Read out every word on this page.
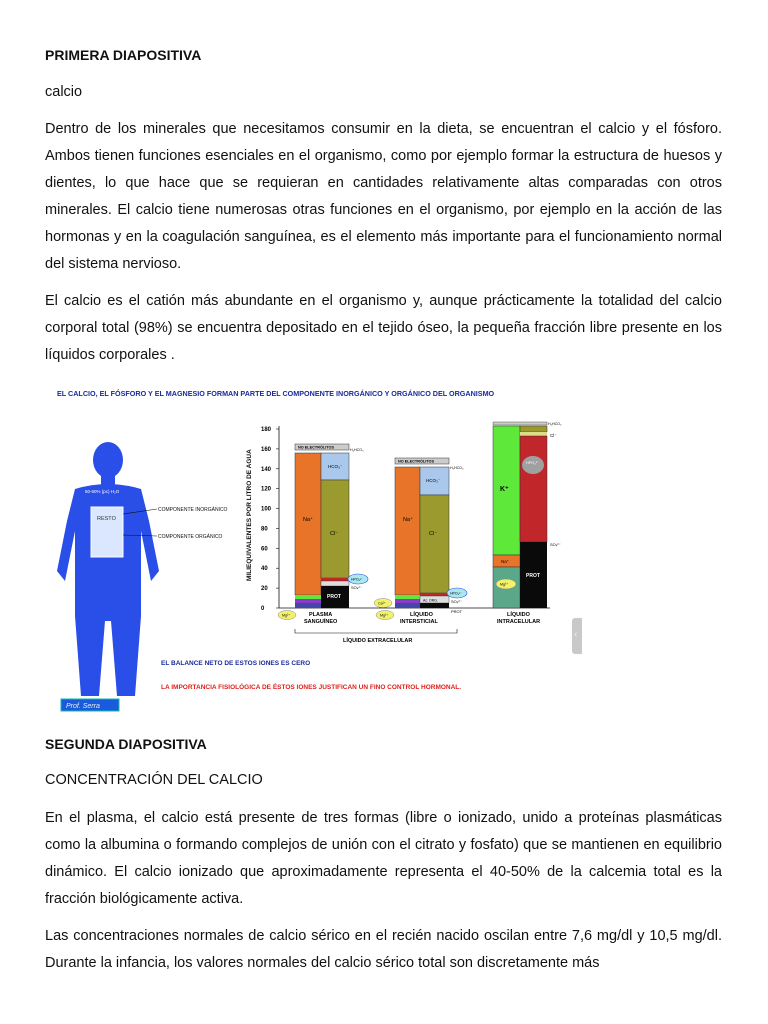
PRIMERA DIAPOSITIVA

calcio

Dentro de los minerales que necesitamos consumir en la dieta, se encuentran el calcio y el fósforo. Ambos tienen funciones esenciales en el organismo, como por ejemplo formar la estructura de huesos y dientes, lo que hace que se requieran en cantidades relativamente altas comparadas con otros minerales. El calcio tiene numerosas otras funciones en el organismo, por ejemplo en la acción de las hormonas y en la coagulación sanguínea, es el elemento más importante para el funcionamiento normal del sistema nervioso.

El calcio es el catión más abundante en el organismo y, aunque prácticamente la totalidad del calcio corporal total (98%) se encuentra depositado en el tejido óseo, la pequeña fracción libre presente en los líquidos corporales .

SEGUNDA DIAPOSITIVA

CONCENTRACIÓN DEL CALCIO

En el plasma, el calcio está presente de tres formas (libre o ionizado, unido a proteínas plasmáticas como la albumina o formando complejos de unión con el citrato y fosfato) que se mantienen en equilibrio dinámico. El calcio ionizado que aproximadamente representa el 40-50% de la calcemia total es la fracción biológicamente activa.

Las concentraciones normales de calcio sérico en el recién nacido oscilan entre 7,6 mg/dl y 10,5 mg/dl. Durante la infancia, los valores normales del calcio sérico total son discretamente más

EL CALCIO, EL FÓSFORO Y EL MAGNESIO FORMAN PARTE DEL COMPONENTE INORGÁNICO Y ORGÁNICO DEL ORGANISMO
50-60% (pc) H₂O
RESTO
COMPONENTE INORGÁNICO
COMPONENTE ORGÁNICO	MILIEQUIVALENTES POR LITRO DE AGUA
180
160
140
120
100
80
60
40
20
0
NO ELECTRÓLITOS
Na⁺
HCO₃⁻
Cl⁻
PROT
H₂HCO₃
HPO₄²⁻
SO₄²⁻
Mg²⁺	PLASMA
SANGUÍNEO
NO ELECTRÓLITOS
Na⁺
HCO₃⁻
Cl⁻
Ac. ORG.
H₂HCO₃
HPO₄²⁻
SO₄²⁻
PROT
Ca²⁺
Mg²⁺	LÍQUIDO
INTERSTICIAL
H₂HCO₃
K⁺
Na⁺
Mg²⁺
Cl⁻
HPO₄²⁻
PROT
SO₄²⁻
LÍQUIDO
INTRACELULAR
LÍQUIDO EXTRACELULAR
EL BALANCE NETO DE ESTOS IONES ES CERO
LA IMPORTANCIA FISIOLÓGICA DE ÉSTOS IONES JUSTIFICAN UN FINO CONTROL HORMONAL.
Prof. Serra
‹
